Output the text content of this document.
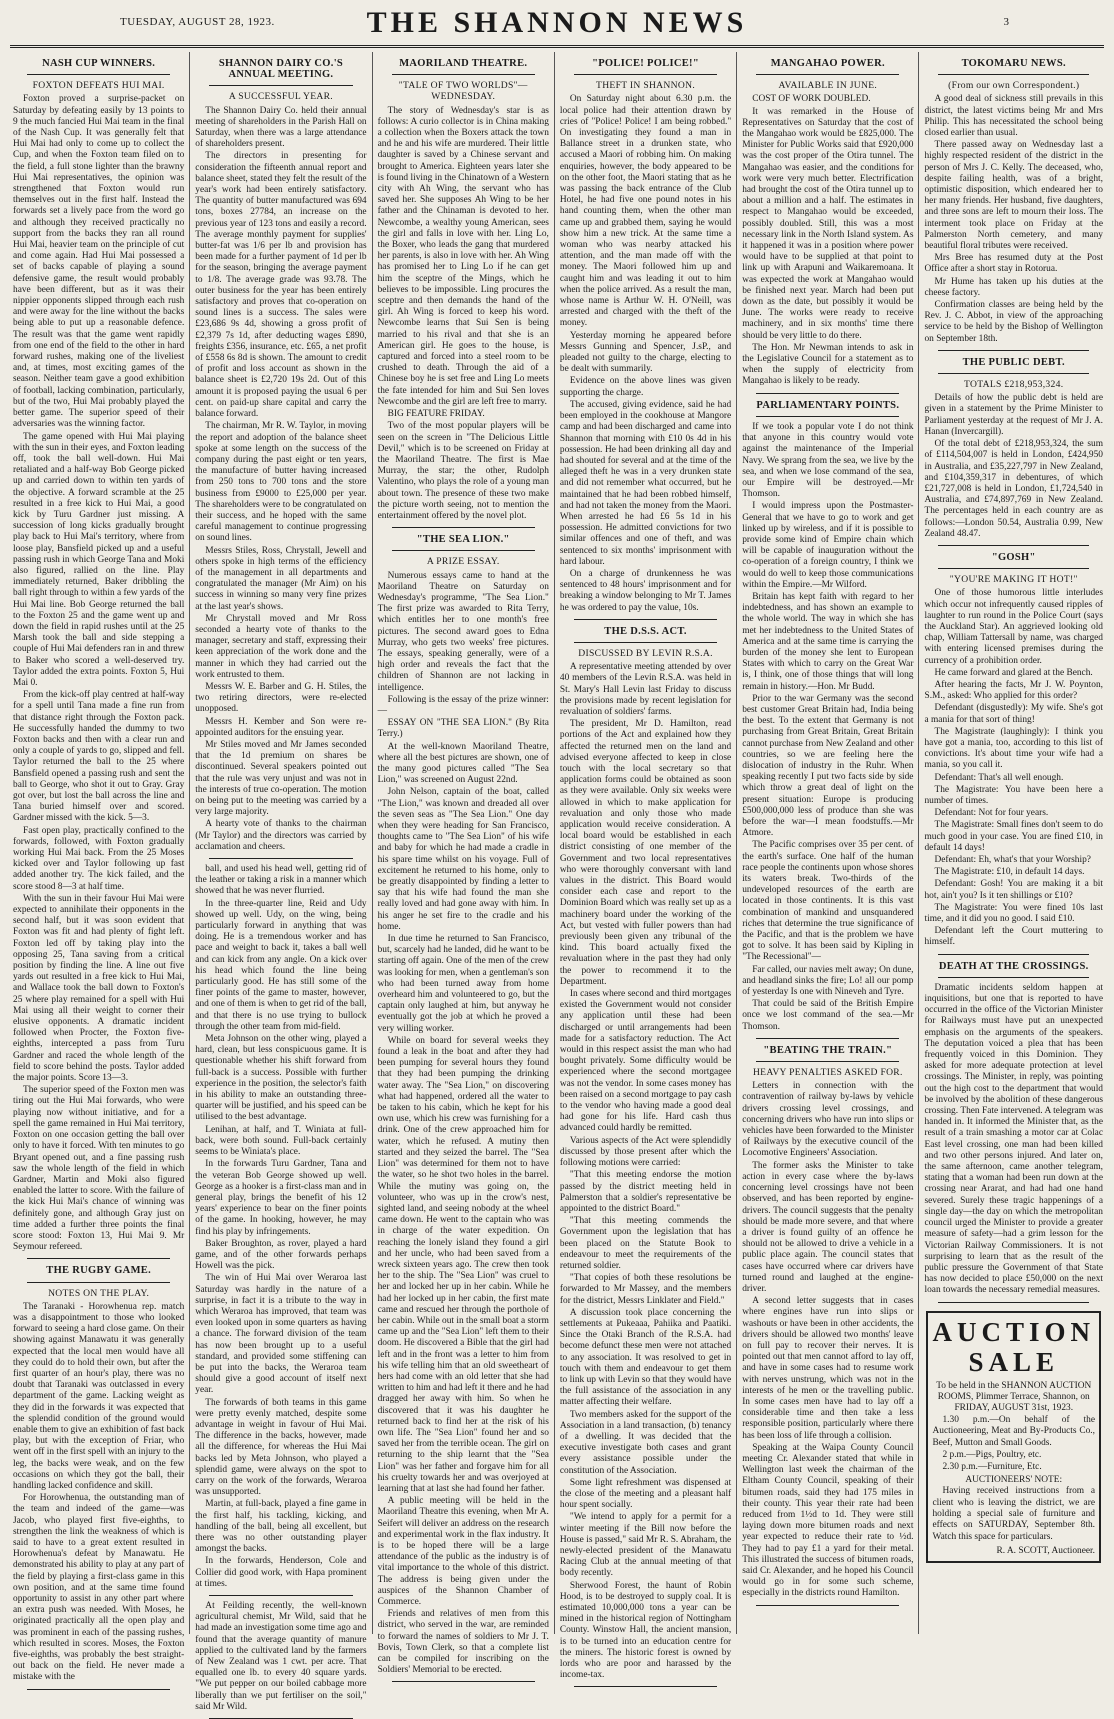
TUESDAY, AUGUST 28, 1923.	THE SHANNON NEWS	3
NASH CUP WINNERS.
FOXTON DEFEATS HUI MAI.

Foxton proved a surprise-packet on Saturday by defeating easily by 13 points to 9 the much fancied Hui Mai team in the final of the Nash Cup. It was generally felt that Hui Mai had only to come up to collect the Cup, and when the Foxton team filed on to the field, a full stone lighter than the brawny Hui Mai representatives, the opinion was strengthened that Foxton would run themselves out in the first half. Instead the forwards set a lively pace from the word go and although they received practically no support from the backs they ran all round Hui Mai, heavier team on the principle of cut and come again. Had Hui Mai possessed a set of backs capable of playing a sound defensive game, the result would probably have been different, but as it was their nippier opponents slipped through each rush and were away for the line without the backs being able to put up a reasonable defence. The result was that the game went rapidly from one end of the field to the other in hard forward rushes, making one of the liveliest and, at times, most exciting games of the season. Neither team gave a good exhibition of football, lacking combination, particularly, but of the two, Hui Mai probably played the better game. The superior speed of their adversaries was the winning factor.

The game opened with Hui Mai playing with the sun in their eyes, and Foxton leading off, took the ball well-down. Hui Mai retaliated and a half-way Bob George picked up and carried down to within ten yards of the objective. A forward scramble at the 25 resulted in a free kick to Hui Mai, a good kick by Turu Gardner just missing. A succession of long kicks gradually brought play back to Hui Mai's territory, where from loose play, Bansfield picked up and a useful passing rush in which George Tana and Moki also figured, rallied on the line. Play immediately returned, Baker dribbling the ball right through to within a few yards of the Hui Mai line. Bob George returned the ball to the Foxton 25 and the game went up and down the field in rapid rushes until at the 25 Marsh took the ball and side stepping a couple of Hui Mai defenders ran in and threw to Baker who scored a well-deserved try. Taylor added the extra points. Foxton 5, Hui Mai 0.

From the kick-off play centred at half-way for a spell until Tana made a fine run from that distance right through the Foxton pack. He successfully handed the dummy to two Foxton backs and then with a clear run and only a couple of yards to go, slipped and fell. Taylor returned the ball to the 25 where Bansfield opened a passing rush and sent the ball to George, who shot it out to Gray. Gray got over, but lost the ball across the line and Tana buried himself over and scored. Gardner missed with the kick. 5—3.

Fast open play, practically confined to the forwards, followed, with Foxton gradually working Hui Mai back. From the 25 Moses kicked over and Taylor following up fast added another try. The kick failed, and the score stood 8—3 at half time.

With the sun in their favour Hui Mai were expected to annihilate their opponents in the second half, but it was soon evident that Foxton was fit and had plenty of fight left. Foxton led off by taking play into the opposing 25, Tana saving from a critical position by finding the line. A line out five yards out resulted in a free kick to Hui Mai, and Wallace took the ball down to Foxton's 25 where play remained for a spell with Hui Mai using all their weight to corner their elusive opponents. A dramatic incident followed when Procter, the Foxton five-eighths, intercepted a pass from Turu Gardner and raced the whole length of the field to score behind the posts. Taylor added the major points. Score 13—3.

The superior speed of the Foxton men was tiring out the Hui Mai forwards, who were playing now without initiative, and for a spell the game remained in Hui Mai territory, Foxton on one occasion getting the ball over only to have it forced. With ten minutes to go Bryant opened out, and a fine passing rush saw the whole length of the field in which Gardner, Martin and Moki also figured enabled the latter to score. With the failure of the kick Hui Mai's chance of winning was definitely gone, and although Gray just on time added a further three points the final score stood: Foxton 13, Hui Mai 9. Mr Seymour refereed.

THE RUGBY GAME.
NOTES ON THE PLAY.

The Taranaki - Horowhenua rep. match was a disappointment to those who looked forward to seeing a hard close game. On their showing against Manawatu it was generally expected that the local men would have all they could do to hold their own, but after the first quarter of an hour's play, there was no doubt that Taranaki was outclassed in every department of the game. Lacking weight as they did in the forwards it was expected that the splendid condition of the ground would enable them to give an exhibition of fast back play, but with the exception of Friar, who went off in the first spell with an injury to the leg, the backs were weak, and on the few occasions on which they got the ball, their handling lacked confidence and skill.

For Horowhenua, the outstanding man of the team and indeed of the game—was Jacob, who played first five-eighths, to strengthen the link the weakness of which is said to have to a great extent resulted in Horowhenua's defeat by Manawatu. He demonstrated his ability to play at any part of the field by playing a first-class game in this own position, and at the same time found opportunity to assist in any other part where an extra push was needed. With Moses, he originated practically all the open play and was prominent in each of the passing rushes, which resulted in scores. Moses, the Foxton five-eighths, was probably the best straight-out back on the field. He never made a mistake with the

SHANNON DAIRY CO.'S ANNUAL MEETING.
A SUCCESSFUL YEAR.

The Shannon Dairy Co. held their annual meeting of shareholders in the Parish Hall on Saturday, when there was a large attendance of shareholders present.

The directors in presenting for consideration the fifteenth annual report and balance sheet, stated they felt the result of the year's work had been entirely satisfactory. The quantity of butter manufactured was 694 tons, boxes 27784, an increase on the previous year of 123 tons and easily a record. The average monthly payment for supplies' butter-fat was 1/6 per lb and provision has been made for a further payment of 1d per lb for the season, bringing the average payment to 1/8. The average grade was 93.78. The outer business for the year has been entirely satisfactory and proves that co-operation on sound lines is a success. The sales were £23,686 9s 4d, showing a gross profit of £2,379 7s 1d, after deducting wages £890, freights £356, insurance, etc. £65, a net profit of £558 6s 8d is shown. The amount to credit of profit and loss account as shown in the balance sheet is £2,720 19s 2d. Out of this amount it is proposed paying the usual 6 per cent. on paid-up share capital and carry the balance forward.

The chairman, Mr R. W. Taylor, in moving the report and adoption of the balance sheet spoke at some length on the success of the company during the past eight or ten years, the manufacture of butter having increased from 250 tons to 700 tons and the store business from £9000 to £25,000 per year. The shareholders were to be congratulated on their success, and he hoped with the same careful management to continue progressing on sound lines.

Messrs Stiles, Ross, Chrystall, Jewell and others spoke in high terms of the efficiency of the management in all departments and congratulated the manager (Mr Aim) on his success in winning so many very fine prizes at the last year's shows.

Mr Chrystall moved and Mr Ross seconded a hearty vote of thanks to the manager, secretary and staff, expressing their keen appreciation of the work done and the manner in which they had carried out the work entrusted to them.

Messrs W. E. Barber and G. H. Stiles, the two retiring directors, were re-elected unopposed.

Messrs H. Kember and Son were re-appointed auditors for the ensuing year.

Mr Stiles moved and Mr James seconded that the 1d premium on shares be discontinued. Several speakers pointed out that the rule was very unjust and was not in the interests of true co-operation. The motion on being put to the meeting was carried by a very large majority.

A hearty vote of thanks to the chairman (Mr Taylor) and the directors was carried by acclamation and cheers.

ball, and used his head well, getting rid of the leather or taking a risk in a manner which showed that he was never flurried.

In the three-quarter line, Reid and Udy showed up well. Udy, on the wing, being particularly forward in anything that was doing. He is a tremendous worker and has pace and weight to back it, takes a ball well and can kick from any angle. On a kick over his head which found the line being particularly good. He has still some of the finer points of the game to master, however, and one of them is when to get rid of the ball, and that there is no use trying to bullock through the other team from mid-field.

Meta Johnson on the other wing, played a hard, clean, but less conspicuous game. It is questionable whether his shift forward from full-back is a success. Possible with further experience in the position, the selector's faith in his ability to make an outstanding three-quarter will be justified, and his speed can be utilised to the best advantage.

Lenihan, at half, and T. Winiata at full-back, were both sound. Full-back certainly seems to be Winiata's place.

In the forwards Turu Gardner, Tana and the veteran Bob George showed up well. George as a hooker is a first-class man and in general play, brings the benefit of his 12 years' experience to bear on the finer points of the game. In hooking, however, he may find his play by infringements.

Baker Broughton, as rover, played a hard game, and of the other forwards perhaps Howell was the pick.

The win of Hui Mai over Weraroa last Saturday was hardly in the nature of a surprise, in fact it is a tribute to the way in which Weraroa has improved, that team was even looked upon in some quarters as having a chance. The forward division of the team has now been brought up to a useful standard, and provided some stiffening can be put into the backs, the Weraroa team should give a good account of itself next year.

The forwards of both teams in this game were pretty evenly matched, despite some advantage in weight in favour of Hui Mai. The difference in the backs, however, made all the difference, for whereas the Hui Mai backs led by Meta Johnson, who played a splendid game, were always on the spot to carry on the work of the forwards, Weraroa was unsupported.

Martin, at full-back, played a fine game in the first half, his tackling, kicking, and handling of the ball, being all excellent, but there was no other outstanding player amongst the backs.

In the forwards, Henderson, Cole and Collier did good work, with Hapa prominent at times.

At Feilding recently, the well-known agricultural chemist, Mr Wild, said that he had made an investigation some time ago and found that the average quantity of manure applied to the cultivated land by the farmers of New Zealand was 1 cwt. per acre. That equalled one lb. to every 40 square yards. "We put pepper on our boiled cabbage more liberally than we put fertiliser on the soil," said Mr Wild.

MAORILAND THEATRE.
"TALE OF TWO WORLDS"— WEDNESDAY.

The story of Wednesday's star is as follows: A curio collector is in China making a collection when the Boxers attack the town and he and his wife are murdered. Their little daughter is saved by a Chinese servant and brought to America. Eighteen years later she is found living in the Chinatown of a Western city with Ah Wing, the servant who has saved her. She supposes Ah Wing to be her father and the Chinaman is devoted to her. Newcombe, a wealthy young American, sees the girl and falls in love with her. Ling Lo, the Boxer, who leads the gang that murdered her parents, is also in love with her. Ah Wing has promised her to Ling Lo if he can get him the sceptre of the Mings, which he believes to be impossible. Ling procures the sceptre and then demands the hand of the girl. Ah Wing is forced to keep his word. Newcombe learns that Sui Sen is being married to his rival and that she is an American girl. He goes to the house, is captured and forced into a steel room to be crushed to death. Through the aid of a Chinese boy he is set free and Ling Lo meets the fate intended for him and Sui Sen loves Newcombe and the girl are left free to marry.

BIG FEATURE FRIDAY.

Two of the most popular players will be seen on the screen in "The Delicious Little Devil," which is to be screened on Friday at the Maoriland Theatre. The first is Mae Murray, the star; the other, Rudolph Valentino, who plays the role of a young man about town. The presence of these two make the picture worth seeing, not to mention the entertainment offered by the novel plot.

"THE SEA LION."
A PRIZE ESSAY.

Numerous essays came to hand at the Maoriland Theatre on Saturday on Wednesday's programme, "The Sea Lion." The first prize was awarded to Rita Terry, which entitles her to one month's free pictures. The second award goes to Edna Murray, who gets two weeks' free pictures. The essays, speaking generally, were of a high order and reveals the fact that the children of Shannon are not lacking in intelligence.

Following is the essay of the prize winner:—

ESSAY ON "THE SEA LION." (By Rita Terry.)

At the well-known Maoriland Theatre, where all the best pictures are shown, one of the many good pictures called "The Sea Lion," was screened on August 22nd.

John Nelson, captain of the boat, called "The Lion," was known and dreaded all over the seven seas as "The Sea Lion." One day when they were heading for San Francisco, thoughts came to "The Sea Lion" of his wife and baby for which he had made a cradle in his spare time whilst on his voyage. Full of excitement he returned to his home, only to be greatly disappointed by finding a letter to say that his wife had found the man she really loved and had gone away with him. In his anger he set fire to the cradle and his home.

In due time he returned to San Francisco, but, scarcely had he landed, did he want to be starting off again. One of the men of the crew was looking for men, when a gentleman's son who had been turned away from home overheard him and volunteered to go, but the captain only laughed at him, but anyway he eventually got the job at which he proved a very willing worker.

While on board for several weeks they found a leak in the boat and after they had been pumping for several hours they found that they had been pumping the drinking water away. The "Sea Lion," on discovering what had happened, ordered all the water to be taken to his cabin, which he kept for his own use, which his crew was furnishing for a drink. One of the crew approached him for water, which he refused. A mutiny then started and they seized the barrel. The "Sea Lion" was determined for them not to have the water, so he shot two holes in the barrel. While the mutiny was going on, the volunteer, who was up in the crow's nest, sighted land, and seeing nobody at the wheel came down. He went to the captain who was in charge of the water expedition. On reaching the lonely island they found a girl and her uncle, who had been saved from a wreck sixteen years ago. The crew then took her to the ship. The "Sea Lion" was cruel to her and locked her up in her cabin. While he had her locked up in her cabin, the first mate came and rescued her through the porthole of her cabin. While out in the small boat a storm came up and the "Sea Lion" left them to their doom. He discovered a Bible that the girl had left and in the front was a letter to him from his wife telling him that an old sweetheart of hers had come with an old letter that she had written to him and had left it there and he had dragged her away with him. So when he discovered that it was his daughter he returned back to find her at the risk of his own life. The "Sea Lion" found her and so saved her from the terrible ocean. The girl on returning to the ship learnt that the "Sea Lion" was her father and forgave him for all his cruelty towards her and was overjoyed at learning that at last she had found her father.

A public meeting will be held in the Maoriland Theatre this evening, when Mr A. Seifert will deliver an address on the research and experimental work in the flax industry. It is to be hoped there will be a large attendance of the public as the industry is of vital importance to the whole of this district. The address is being given under the auspices of the Shannon Chamber of Commerce.

Friends and relatives of men from this district, who served in the war, are reminded to forward the names of soldiers to Mr J. T. Bovis, Town Clerk, so that a complete list can be compiled for inscribing on the Soldiers' Memorial to be erected.

"POLICE! POLICE!"
THEFT IN SHANNON.

On Saturday night about 6.30 p.m. the local police had their attention drawn by cries of "Police! Police! I am being robbed." On investigating they found a man in Ballance street in a drunken state, who accused a Maori of robbing him. On making enquiries, however, the body appeared to be on the other foot, the Maori stating that as he was passing the back entrance of the Club Hotel, he had five one pound notes in his hand counting them, when the other man came up and grabbed them, saying he would show him a new trick. At the same time a woman who was nearby attacked his attention, and the man made off with the money. The Maori followed him up and caught him and was leading it out to him when the police arrived. As a result the man, whose name is Arthur W. H. O'Neill, was arrested and charged with the theft of the money.

Yesterday morning he appeared before Messrs Gunning and Spencer, J.sP., and pleaded not guilty to the charge, electing to be dealt with summarily.

Evidence on the above lines was given supporting the charge.

The accused, giving evidence, said he had been employed in the cookhouse at Mangore camp and had been discharged and came into Shannon that morning with £10 0s 4d in his possession. He had been drinking all day and had shouted for several and at the time of the alleged theft he was in a very drunken state and did not remember what occurred, but he maintained that he had been robbed himself, and had not taken the money from the Maori. When arrested he had £6 5s 1d in his possession. He admitted convictions for two similar offences and one of theft, and was sentenced to six months' imprisonment with hard labour.

On a charge of drunkenness he was sentenced to 48 hours' imprisonment and for breaking a window belonging to Mr T. James he was ordered to pay the value, 10s.

THE D.S.S. ACT.
DISCUSSED BY LEVIN R.S.A.

A representative meeting attended by over 40 members of the Levin R.S.A. was held in St. Mary's Hall Levin last Friday to discuss the provisions made by recent legislation for revaluation of soldiers' farms.

The president, Mr D. Hamilton, read portions of the Act and explained how they affected the returned men on the land and advised everyone affected to keep in close touch with the local secretary so that application forms could be obtained as soon as they were available. Only six weeks were allowed in which to make application for revaluation and only those who made application would receive consideration. A local board would be established in each district consisting of one member of the Government and two local representatives who were thoroughly conversant with land values in the district. This Board would consider each case and report to the Dominion Board which was really set up as a machinery board under the working of the Act, but vested with fuller powers than had previously been given any tribunal of the kind. This board actually fixed the revaluation where in the past they had only the power to recommend it to the Department.

In cases where second and third mortgages existed the Government would not consider any application until these had been discharged or until arrangements had been made for a satisfactory reduction. The Act would in this respect assist the man who had bought privately. Some difficulty would be experienced where the second mortgagee was not the vendor. In some cases money has been raised on a second mortgage to pay cash to the vendor who having made a good deal had gone for his life. Hard cash thus advanced could hardly be remitted.

Various aspects of the Act were splendidly discussed by those present after which the following motions were carried:

"That this meeting endorse the motion passed by the district meeting held in Palmerston that a soldier's representative be appointed to the district Board."

"That this meeting commends the Government upon the legislation that has been placed on the Statute Book to endeavour to meet the requirements of the returned soldier.

"That copies of both these resolutions be forwarded to Mr Massey, and the members for the district, Messrs Linklater and Field."

A discussion took place concerning the settlements at Pukeaaa, Pahiika and Paatiki. Since the Otaki Branch of the R.S.A. had become defunct these men were not attached to any association. It was resolved to get in touch with them and endeavour to get them to link up with Levin so that they would have the full assistance of the association in any matter affecting their welfare.

Two members asked for the support of the Association in a land transaction, (b) tenancy of a dwelling. It was decided that the executive investigate both cases and grant every assistance possible under the constitution of the Association.

Some light refreshment was dispensed at the close of the meeting and a pleasant half hour spent socially.

"We intend to apply for a permit for a winter meeting if the Bill now before the House is passed," said Mr R. S. Abraham, the newly-elected president of the Manawatu Racing Club at the annual meeting of that body recently.

Sherwood Forest, the haunt of Robin Hood, is to be destroyed to supply coal. It is estimated 10,000,000 tons a year can be mined in the historical region of Nottingham County. Winstow Hall, the ancient mansion, is to be turned into an education centre for the miners. The historic forest is owned by lords who are poor and harassed by the income-tax.

MANGAHAO POWER.
AVAILABLE IN JUNE.

COST OF WORK DOUBLED.

It was remarked in the House of Representatives on Saturday that the cost of the Mangahao work would be £825,000. The Minister for Public Works said that £920,000 was the cost proper of the Otira tunnel. The Mangahao was easier, and the conditions for work were very much better. Electrification had brought the cost of the Otira tunnel up to about a million and a half. The estimates in respect to Mangahao would be exceeded, possibly doubled. Still, this was a most necessary link in the North Island system. As it happened it was in a position where power would have to be supplied at that point to link up with Arapuni and Waikaremoana. It was expected the work at Mangahao would be finished next year. March had been put down as the date, but possibly it would be June. The works were ready to receive machinery, and in six months' time there should be very little to do there.

The Hon. Mr Newman intends to ask in the Legislative Council for a statement as to when the supply of electricity from Mangahao is likely to be ready.

PARLIAMENTARY POINTS.

If we took a popular vote I do not think that anyone in this country would vote against the maintenance of the Imperial Navy. We sprang from the sea, we live by the sea, and when we lose command of the sea, our Empire will be destroyed.—Mr Thomson.

I would impress upon the Postmaster-General that we have to go to work and get linked up by wireless, and if it is possible to provide some kind of Empire chain which will be capable of inauguration without the co-operation of a foreign country, I think we would do well to keep those communications within the Empire.—Mr Wilford.

Britain has kept faith with regard to her indebtedness, and has shown an example to the whole world. The way in which she has met her indebtedness to the United States of America and at the same time is carrying the burden of the money she lent to European States with which to carry on the Great War is, I think, one of those things that will long remain in history.—Hon. Mr Budd.

Prior to the war Germany was the second best customer Great Britain had, India being the best. To the extent that Germany is not purchasing from Great Britain, Great Britain cannot purchase from New Zealand and other countries, so we are feeling here the dislocation of industry in the Ruhr. When speaking recently I put two facts side by side which throw a great deal of light on the present situation: Europe is producing £500,000,000 less of produce than she was before the war—I mean foodstuffs.—Mr Atmore.

The Pacific comprises over 35 per cent. of the earth's surface. One half of the human race people the continents upon whose shores its waters break. Two-thirds of the undeveloped resources of the earth are located in those continents. It is this vast combination of mankind and unsquandered riches that determine the true significance of the Pacific, and that is the problem we have got to solve. It has been said by Kipling in "The Recessional"—

Far called, our navies melt away; On dune, and headland sinks the fire; Lo! all our pomp of yesterday Is one with Nineveh and Tyre.

That could be said of the British Empire once we lost command of the sea.—Mr Thomson.

"BEATING THE TRAIN."
HEAVY PENALTIES ASKED FOR.

Letters in connection with the contravention of railway by-laws by vehicle drivers crossing level crossings, and concerning drivers who have run into slips or vehicles have been forwarded to the Minister of Railways by the executive council of the Locomotive Engineers' Association.

The former asks the Minister to take action in every case where the by-laws concerning level crossings have not been observed, and has been reported by engine-drivers. The council suggests that the penalty should be made more severe, and that where a driver is found guilty of an offence he should not be allowed to drive a vehicle in a public place again. The council states that cases have occurred where car drivers have turned round and laughed at the engine-driver.

A second letter suggests that in cases where engines have run into slips or washouts or have been in other accidents, the drivers should be allowed two months' leave on full pay to recover their nerves. It is pointed out that men cannot afford to lay off, and have in some cases had to resume work with nerves unstrung, which was not in the interests of he men or the travelling public. In some cases men have had to lay off a considerable time and then take a less responsible position, particularly where there has been loss of life through a collision.

Speaking at the Waipa County Council meeting Cr. Alexander stated that while in Wellington last week the chairman of the Eltham County Council, speaking of their bitumen roads, said they had 175 miles in their county. This year their rate had been reduced from 1½d to 1d. They were still laying down more bitumen roads and next year expected to reduce their rate to ½d. They had to pay £1 a yard for their metal. This illustrated the success of bitumen roads, said Cr. Alexander, and he hoped his Council would go in for some such scheme, especially in the districts round Hamilton.

TOKOMARU NEWS.
(From our own Correspondent.)

A good deal of sickness still prevails in this district, the latest victims being Mr and Mrs Philip. This has necessitated the school being closed earlier than usual.

There passed away on Wednesday last a highly respected resident of the district in the person of Mrs J. C. Kelly. The deceased, who, despite failing health, was of a bright, optimistic disposition, which endeared her to her many friends. Her husband, five daughters, and three sons are left to mourn their loss. The interment took place on Friday at the Palmerston North cemetery, and many beautiful floral tributes were received.

Mrs Bree has resumed duty at the Post Office after a short stay in Rotorua.

Mr Hume has taken up his duties at the cheese factory.

Confirmation classes are being held by the Rev. J. C. Abbot, in view of the approaching service to be held by the Bishop of Wellington on September 18th.

THE PUBLIC DEBT.
TOTALS £218,953,324.

Details of how the public debt is held are given in a statement by the Prime Minister to Parliament yesterday at the request of Mr J. A. Hanan (Invercargill).

Of the total debt of £218,953,324, the sum of £114,504,007 is held in London, £424,950 in Australia, and £35,227,797 in New Zealand, and £104,359,317 in debentures, of which £21,727,008 is held in London, £1,724,540 in Australia, and £74,897,769 in New Zealand. The percentages held in each country are as follows:—London 50.54, Australia 0.99, New Zealand 48.47.

"GOSH"
"YOU'RE MAKING IT HOT!"

One of those humorous little interludes which occur not infrequently caused ripples of laughter to run round in the Police Court (says the Auckland Star). An aggrieved looking old chap, William Tattersall by name, was charged with entering licensed premises during the currency of a prohibition order.

He came forward and glared at the Bench.

After hearing the facts, Mr J. W. Poynton, S.M., asked: Who applied for this order?

Defendant (disgustedly): My wife. She's got a mania for that sort of thing!

The Magistrate (laughingly): I think you have got a mania, too, according to this list of convictions. It's about time your wife had a mania, so you call it.

Defendant: That's all well enough.

The Magistrate: You have been here a number of times.

Defendant: Not for four years.

The Magistrate: Small fines don't seem to do much good in your case. You are fined £10, in default 14 days!

Defendant: Eh, what's that your Worship?

The Magistrate: £10, in default 14 days.

Defendant: Gosh! You are making it a bit hot, ain't you? Is it ten shillings or £10?

The Magistrate: You were fined 10s last time, and it did you no good. I said £10.

Defendant left the Court muttering to himself.

DEATH AT THE CROSSINGS.

Dramatic incidents seldom happen at inquisitions, but one that is reported to have occurred in the office of the Victorian Minister for Railways must have put an unexpected emphasis on the arguments of the speakers. The deputation voiced a plea that has been frequently voiced in this Dominion. They asked for more adequate protection at level crossings. The Minister, in reply, was pointing out the high cost to the department that would be involved by the abolition of these dangerous crossing. Then Fate intervened. A telegram was handed in. It informed the Minister that, as the result of a train smashing a motor car at Colac East level crossing, one man had been killed and two other persons injured. And later on, the same afternoon, came another telegram, stating that a woman had been run down at the crossing near Ararat, and had had one hand severed. Surely these tragic happenings of a single day—the day on which the metropolitan council urged the Minister to provide a greater measure of safety—had a grim lesson for the Victorian Railway Commissioners. It is not surprising to learn that as the result of the public pressure the Government of that State has now decided to place £50,000 on the next loan towards the necessary remedial measures.

AUCTION SALE
To be held in the SHANNON AUCTION ROOMS, Plimmer Terrace, Shannon, on FRIDAY, AUGUST 31st, 1923.

1.30 p.m.—On behalf of the Auctioneering, Meat and By-Products Co., Beef, Mutton and Small Goods.

2 p.m.—Pigs, Poultry, etc.

2.30 p.m.—Furniture, Etc.

AUCTIONEERS' NOTE:

Having received instructions from a client who is leaving the district, we are holding a special sale of furniture and effects on SATURDAY, September 8th. Watch this space for particulars.

R. A. SCOTT, Auctioneer.
